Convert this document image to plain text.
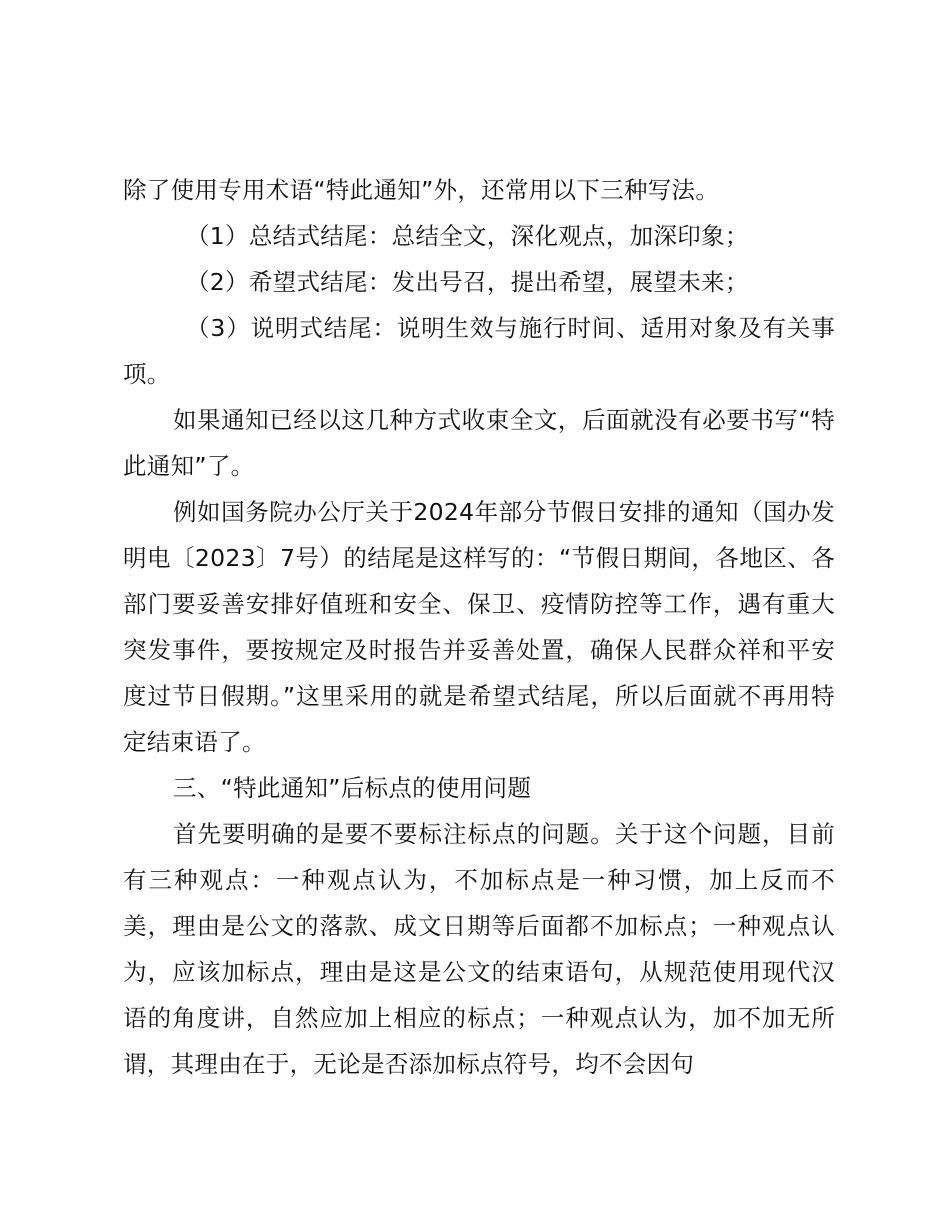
除了使用专用术语“特此通知”外，还常用以下三种写法。

（1）总结式结尾：总结全文，深化观点，加深印象；

（2）希望式结尾：发出号召，提出希望，展望未来；

（3）说明式结尾：说明生效与施行时间、适用对象及有关事项。

如果通知已经以这几种方式收束全文，后面就没有必要书写“特此通知”了。

例如国务院办公厅关于2024年部分节假日安排的通知（国办发明电〔2023〕7号）的结尾是这样写的：“节假日期间，各地区、各部门要妥善安排好值班和安全、保卫、疫情防控等工作，遇有重大突发事件，要按规定及时报告并妥善处置，确保人民群众祥和平安度过节日假期。”这里采用的就是希望式结尾，所以后面就不再用特定结束语了。

三、“特此通知”后标点的使用问题

首先要明确的是要不要标注标点的问题。关于这个问题，目前有三种观点：一种观点认为，不加标点是一种习惯，加上反而不美，理由是公文的落款、成文日期等后面都不加标点；一种观点认为，应该加标点，理由是这是公文的结束语句，从规范使用现代汉语的角度讲，自然应加上相应的标点；一种观点认为，加不加无所谓，其理由在于，无论是否添加标点符号，均不会因句
